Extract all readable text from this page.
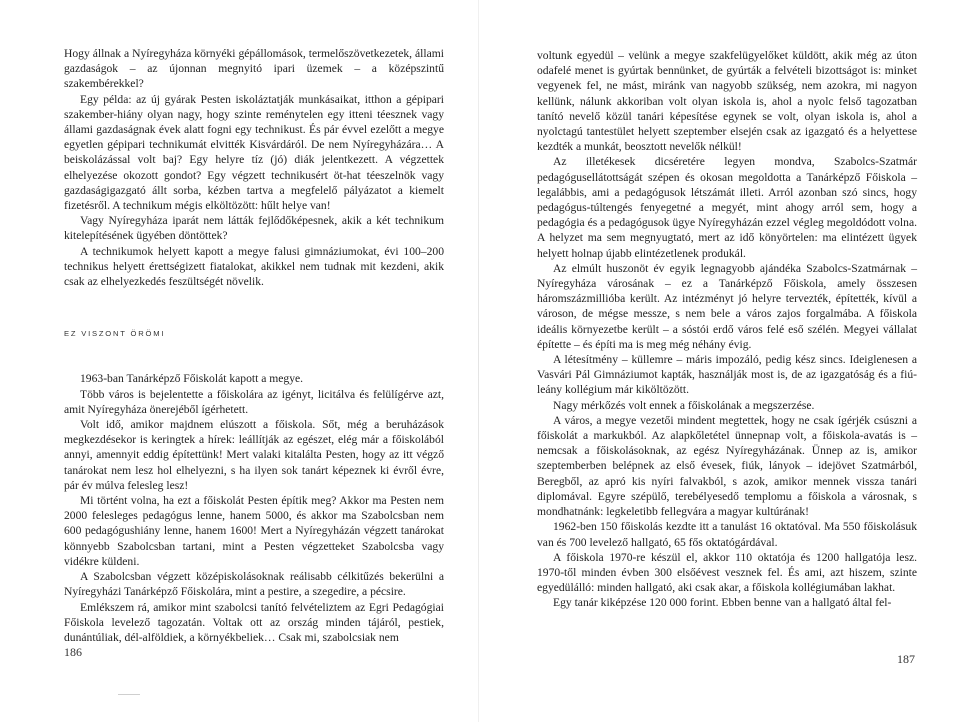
Hogy állnak a Nyíregyháza környéki gépállomások, termelőszövetkezetek, állami gazdaságok – az újonnan megnyitó ipari üzemek – a középszintű szakembérekkel?

Egy példa: az új gyárak Pesten iskoláztatják munkásaikat, itthon a gépipari szakember-hiány olyan nagy, hogy szinte reménytelen egy itteni téesznek vagy állami gazdaságnak évek alatt fogni egy technikust. És pár évvel ezelőtt a megye egyetlen gépipari technikumát elvitték Kisvárdáról. De nem Nyíregyházára… A beiskolázással volt baj? Egy helyre tíz (jó) diák jelentkezett. A végzettek elhelyezése okozott gondot? Egy végzett technikusért öt-hat téeszelnök vagy gazdaságigazgató állt sorba, kézben tartva a megfelelő pályázatot a kiemelt fizetésről. A technikum mégis elköltözött: hűlt helye van!

Vagy Nyíregyháza iparát nem látták fejlődőképesnek, akik a két technikum kitelepítésének ügyében döntöttek?

A technikumok helyett kapott a megye falusi gimnáziumokat, évi 100–200 technikus helyett érettségizett fiatalokat, akikkel nem tudnak mit kezdeni, akik csak az elhelyezkedés feszültségét növelik.

EZ VISZONT ÖRÖMI

1963-ban Tanárképző Főiskolát kapott a megye.

Több város is bejelentette a főiskolára az igényt, licitálva és felülígérve azt, amit Nyíregyháza önerejéből ígérhetett.

Volt idő, amikor majdnem elúszott a főiskola. Sőt, még a beruházások megkezdésekor is keringtek a hírek: leállítják az egészet, elég már a főiskolából annyi, amennyit eddig építettünk! Mert valaki kitalálta Pesten, hogy az itt végző tanárokat nem lesz hol elhelyezni, s ha ilyen sok tanárt képeznek ki évről évre, pár év múlva felesleg lesz!

Mi történt volna, ha ezt a főiskolát Pesten építik meg? Akkor ma Pesten nem 2000 felesleges pedagógus lenne, hanem 5000, és akkor ma Szabolcsban nem 600 pedagógushiány lenne, hanem 1600! Mert a Nyíregyházán végzett tanárokat könnyebb Szabolcsban tartani, mint a Pesten végzetteket Szabolcsba vagy vidékre küldeni.

A Szabolcsban végzett középiskolásoknak reálisabb célkitűzés bekerülni a Nyíregyházi Tanárképző Főiskolára, mint a pestire, a szegedire, a pécsire.

Emlékszem rá, amikor mint szabolcsi tanító felvételiztem az Egri Pedagógiai Főiskola levelező tagozatán. Voltak ott az ország minden tájáról, pestiek, dunántúliak, dél-alföldiek, a környékbeliek… Csak mi, szabolcsiak nem

186

voltunk egyedül – velünk a megye szakfelügyelőket küldött, akik még az úton odafelé menet is gyúrtak bennünket, de gyúrták a felvételi bizottságot is: minket vegyenek fel, ne mást, miránk van nagyobb szükség, nem azokra, mi nagyon kellünk, nálunk akkoriban volt olyan iskola is, ahol a nyolc felső tagozatban tanító nevelő közül tanári képesítése egynek se volt, olyan iskola is, ahol a nyolctagú tantestület helyett szeptember elsején csak az igazgató és a helyettese kezdték a munkát, beosztott nevelők nélkül!

Az illetékesek dicséretére legyen mondva, Szabolcs-Szatmár pedagógusellátottságát szépen és okosan megoldotta a Tanárképző Főiskola – legalábbis, ami a pedagógusok létszámát illeti. Arról azonban szó sincs, hogy pedagógus-túltengés fenyegetné a megyét, mint ahogy arról sem, hogy a pedagógia és a pedagógusok ügye Nyíregyházán ezzel végleg megoldódott volna. A helyzet ma sem megnyugtató, mert az idő könyörtelen: ma elintézett ügyek helyett holnap újabb elintézetlenek produkál.

Az elmúlt huszonöt év egyik legnagyobb ajándéka Szabolcs-Szatmárnak – Nyíregyháza városának – ez a Tanárképző Főiskola, amely összesen háromszázmillióba került. Az intézményt jó helyre tervezték, építették, kívül a városon, de mégse messze, s nem bele a város zajos forgalmába. A főiskola ideális környezetbe került – a sóstói erdő város felé eső szélén. Megyei vállalat építette – és építi ma is meg még néhány évig.

A létesítmény – küllemre – máris impozáló, pedig kész sincs. Ideiglenesen a Vasvári Pál Gimnáziumot kapták, használják most is, de az igazgatóság és a fiú-leány kollégium már kiköltözött.

Nagy mérkőzés volt ennek a főiskolának a megszerzése.

A város, a megye vezetői mindent megtettek, hogy ne csak ígérjék csúszni a főiskolát a markukból. Az alapkőletétel ünnepnap volt, a főiskola-avatás is – nemcsak a főiskolásoknak, az egész Nyíregyházának. Ünnep az is, amikor szeptemberben belépnek az első évesek, fiúk, lányok – idejövet Szatmárból, Beregből, az apró kis nyíri falvakból, s azok, amikor mennek vissza tanári diplomával. Egyre szépülő, terebélyesedő templomu a főiskola a városnak, s mondhatnánk: legkeletibb fellegvára a magyar kultúrának!

1962-ben 150 főiskolás kezdte itt a tanulást 16 oktatóval. Ma 550 főiskolásuk van és 700 levelező hallgató, 65 fős oktatógárdával.

A főiskola 1970-re készül el, akkor 110 oktatója és 1200 hallgatója lesz. 1970-től minden évben 300 elsőévest vesznek fel. És ami, azt hiszem, szinte egyedülálló: minden hallgató, aki csak akar, a főiskola kollégiumában lakhat.

Egy tanár kiképzése 120 000 forint. Ebben benne van a hallgató által fel-

187
